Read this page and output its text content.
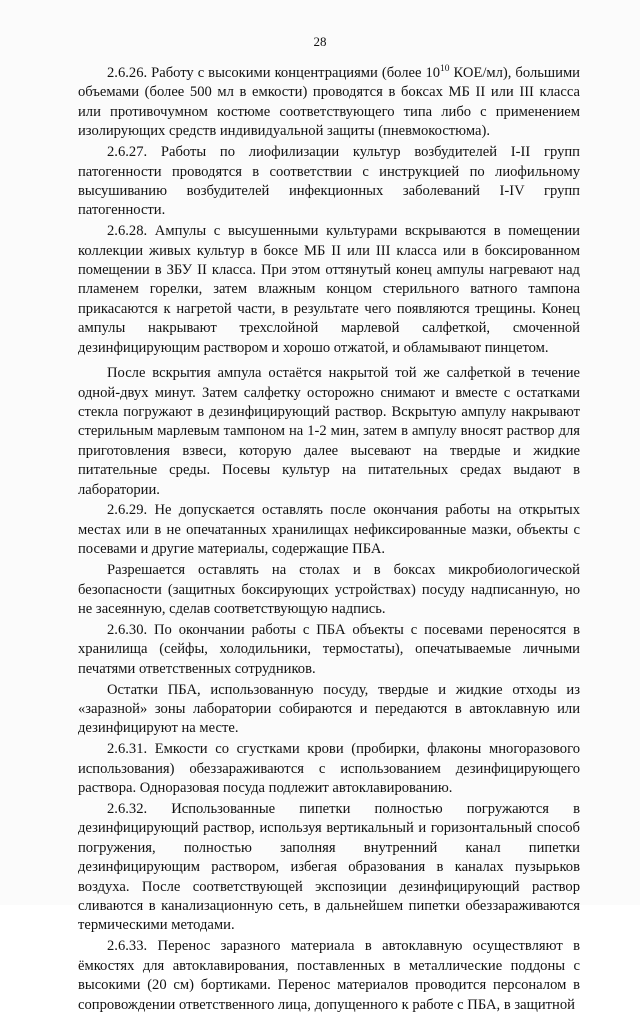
28

2.6.26. Работу с высокими концентрациями (более $10^{10}$ КОЕ/мл), большими объемами (более 500 мл в емкости) проводятся в боксах МБ II или III класса или противочумном костюме соответствующего типа либо с применением изолирующих средств индивидуальной защиты (пневмокостюма).

2.6.27. Работы по лиофилизации культур возбудителей I-II групп патогенности проводятся в соответствии с инструкцией по лиофильному высушиванию возбудителей инфекционных заболеваний I-IV групп патогенности.

2.6.28. Ампулы с высушенными культурами вскрываются в помещении коллекции живых культур в боксе МБ II или III класса или в боксированном помещении в ЗБУ II класса. При этом оттянутый конец ампулы нагревают над пламенем горелки, затем влажным концом стерильного ватного тампона прикасаются к нагретой части, в результате чего появляются трещины. Конец ампулы накрывают трехслойной марлевой салфеткой, смоченной дезинфицирующим раствором и хорошо отжатой, и обламывают пинцетом.

После вскрытия ампула остаётся накрытой той же салфеткой в течение одной-двух минут. Затем салфетку осторожно снимают и вместе с остатками стекла погружают в дезинфицирующий раствор. Вскрытую ампулу накрывают стерильным марлевым тампоном на 1-2 мин, затем в ампулу вносят раствор для приготовления взвеси, которую далее высевают на твердые и жидкие питательные среды. Посевы культур на питательных средах выдают в лаборатории.

2.6.29. Не допускается оставлять после окончания работы на открытых местах или в не опечатанных хранилищах нефиксированные мазки, объекты с посевами и другие материалы, содержащие ПБА.

Разрешается оставлять на столах и в боксах микробиологической безопасности (защитных боксирующих устройствах) посуду надписанную, но не засеянную, сделав соответствующую надпись.

2.6.30. По окончании работы с ПБА объекты с посевами переносятся в хранилища (сейфы, холодильники, термостаты), опечатываемые личными печатями ответственных сотрудников.

Остатки ПБА, использованную посуду, твердые и жидкие отходы из «заразной» зоны лаборатории собираются и передаются в автоклавную или дезинфицируют на месте.

2.6.31. Емкости со сгустками крови (пробирки, флаконы многоразового использования) обеззараживаются с использованием дезинфицирующего раствора. Одноразовая посуда подлежит автоклавированию.

2.6.32. Использованные пипетки полностью погружаются в дезинфицирующий раствор, используя вертикальный и горизонтальный способ погружения, полностью заполняя внутренний канал пипетки дезинфицирующим раствором, избегая образования в каналах пузырьков воздуха. После соответствующей экспозиции дезинфицирующий раствор сливаются в канализационную сеть, в дальнейшем пипетки обеззараживаются термическими методами.

2.6.33. Перенос заразного материала в автоклавную осуществляют в ёмкостях для автоклавирования, поставленных в металлические поддоны с высокими (20 см) бортиками. Перенос материалов проводится персоналом в сопровождении ответственного лица, допущенного к работе с ПБА, в защитной
